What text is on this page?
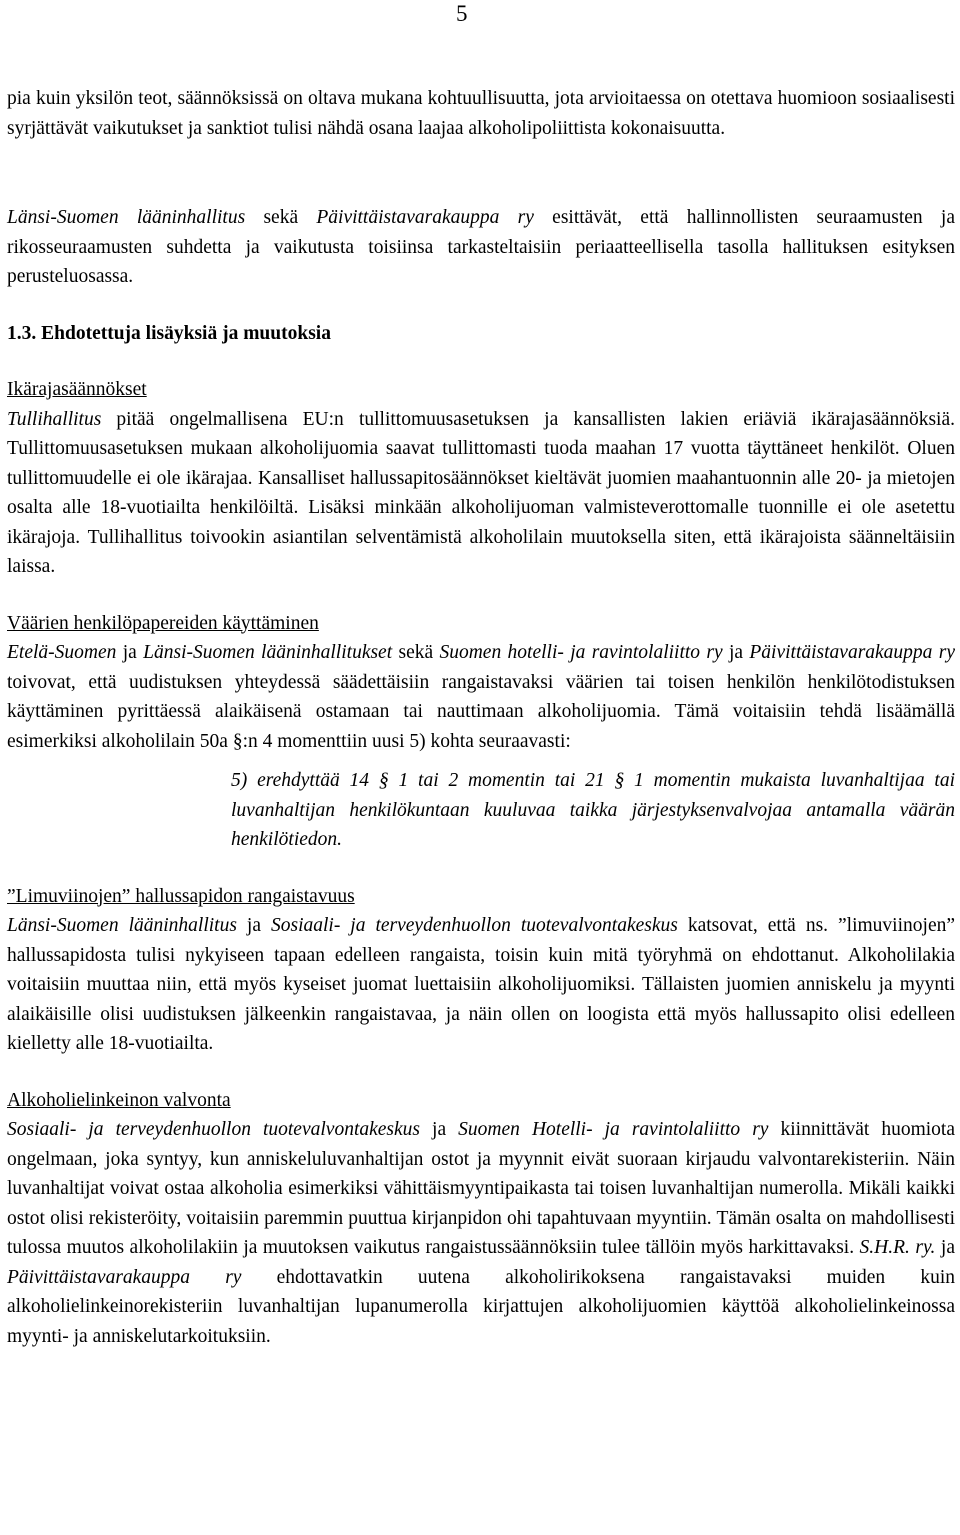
5

pia kuin yksilön teot, säännöksissä on oltava mukana kohtuullisuutta, jota arvioitaessa on otettava huomioon sosiaalisesti syrjättävät vaikutukset ja sanktiot tulisi nähdä osana laajaa alkoholipoliittista kokonaisuutta.

Länsi-Suomen lääninhallitus sekä Päivittäistavarakauppa ry esittävät, että hallinnollisten seuraamusten ja rikosseuraamusten suhdetta ja vaikutusta toisiinsa tarkasteltaisiin periaatteellisella tasolla hallituksen esityksen perusteluosassa.

1.3. Ehdotettuja lisäyksiä ja muutoksia

Ikärajasäännökset

Tullihallitus pitää ongelmallisena EU:n tullittomuusasetuksen ja kansallisten lakien eriäviä ikärajasäännöksiä. Tullittomuusasetuksen mukaan alkoholijuomia saavat tullittomasti tuoda maahan 17 vuotta täyttäneet henkilöt. Oluen tullittomuudelle ei ole ikärajaa. Kansalliset hallussapitosäännökset kieltävät juomien maahantuonnin alle 20- ja mietojen osalta alle 18-vuotiailta henkilöiltä. Lisäksi minkään alkoholijuoman valmisteverottomalle tuonnille ei ole asetettu ikärajoja. Tullihallitus toivookin asiantilan selventämistä alkoholilain muutoksella siten, että ikärajoista säänneltäisiin laissa.

Väärien henkilöpapereiden käyttäminen

Etelä-Suomen ja Länsi-Suomen lääninhallitukset sekä Suomen hotelli- ja ravintolaliitto ry ja Päivittäistavarakauppa ry toivovat, että uudistuksen yhteydessä säädettäisiin rangaistavaksi väärien tai toisen henkilön henkilötodistuksen käyttäminen pyrittäessä alaikäisenä ostamaan tai nauttimaan alkoholijuomia. Tämä voitaisiin tehdä lisäämällä esimerkiksi alkoholilain 50a §:n 4 momenttiin uusi 5) kohta seuraavasti:

5) erehdyttää 14 § 1 tai 2 momentin tai 21 § 1 momentin mukaista luvanhaltijaa tai luvanhaltijan henkilökuntaan kuuluvaa taikka järjestyksenvalvojaa antamalla väärän henkilötiedon.

”Limuviinojen” hallussapidon rangaistavuus

Länsi-Suomen lääninhallitus ja Sosiaali- ja terveydenhuollon tuotevalvontakeskus katsovat, että ns. ”limuviinojen” hallussapidosta tulisi nykyiseen tapaan edelleen rangaista, toisin kuin mitä työryhmä on ehdottanut. Alkoholilakia voitaisiin muuttaa niin, että myös kyseiset juomat luettaisiin alkoholijuomiksi. Tällaisten juomien anniskelu ja myynti alaikäisille olisi uudistuksen jälkeenkin rangaistavaa, ja näin ollen on loogista että myös hallussapito olisi edelleen kielletty alle 18-vuotiailta.

Alkoholielinkeinon valvonta

Sosiaali- ja terveydenhuollon tuotevalvontakeskus ja Suomen Hotelli- ja ravintolaliitto ry kiinnittävät huomiota ongelmaan, joka syntyy, kun anniskeluluvanhaltijan ostot ja myynnit eivät suoraan kirjaudu valvontarekisteriin. Näin luvanhaltijat voivat ostaa alkoholia esimerkiksi vähittäismyyntipaikasta tai toisen luvanhaltijan numerolla. Mikäli kaikki ostot olisi rekisteröity, voitaisiin paremmin puuttua kirjanpidon ohi tapahtuvaan myyntiin. Tämän osalta on mahdollisesti tulossa muutos alkoholilakiin ja muutoksen vaikutus rangaistussäännöksiin tulee tällöin myös harkittavaksi. S.H.R. ry. ja Päivittäistavarakauppa ry ehdottavatkin uutena alkoholirikoksena rangaistavaksi muiden kuin alkoholielinkeinorekisteriin luvanhaltijan lupanumerolla kirjattujen alkoholijuomien käyttöä alkoholielinkeinossa myynti- ja anniskelutarkoituksiin.
